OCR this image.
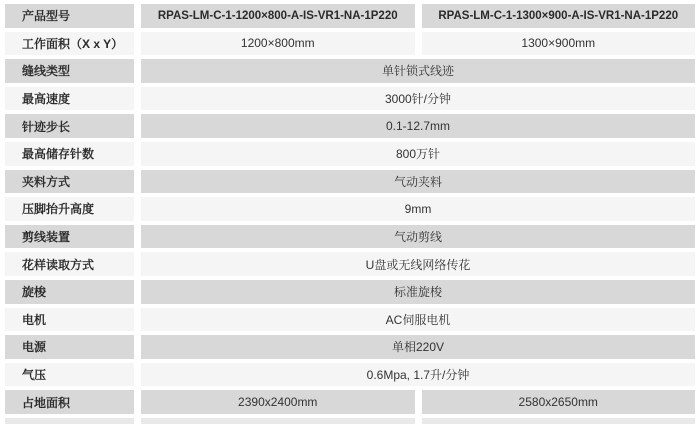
产品型号	RPAS-LM-C-1-1200×800-A-IS-VR1-NA-1P220	RPAS-LM-C-1-1300×900-A-IS-VR1-NA-1P220
工作面积（X x Y）	1200×800mm	1300×900mm
缝线类型	单针锁式线迹
最高速度	3000针/分钟
针迹步长	0.1-12.7mm
最高储存针数	800万针
夹料方式	气动夹料
压脚抬升高度	9mm
剪线装置	气动剪线
花样读取方式	U盘或无线网络传花
旋梭	标准旋梭
电机	AC伺服电机
电源	单相220V
气压	0.6Mpa, 1.7升/分钟
占地面积	2390x2400mm	2580x2650mm
